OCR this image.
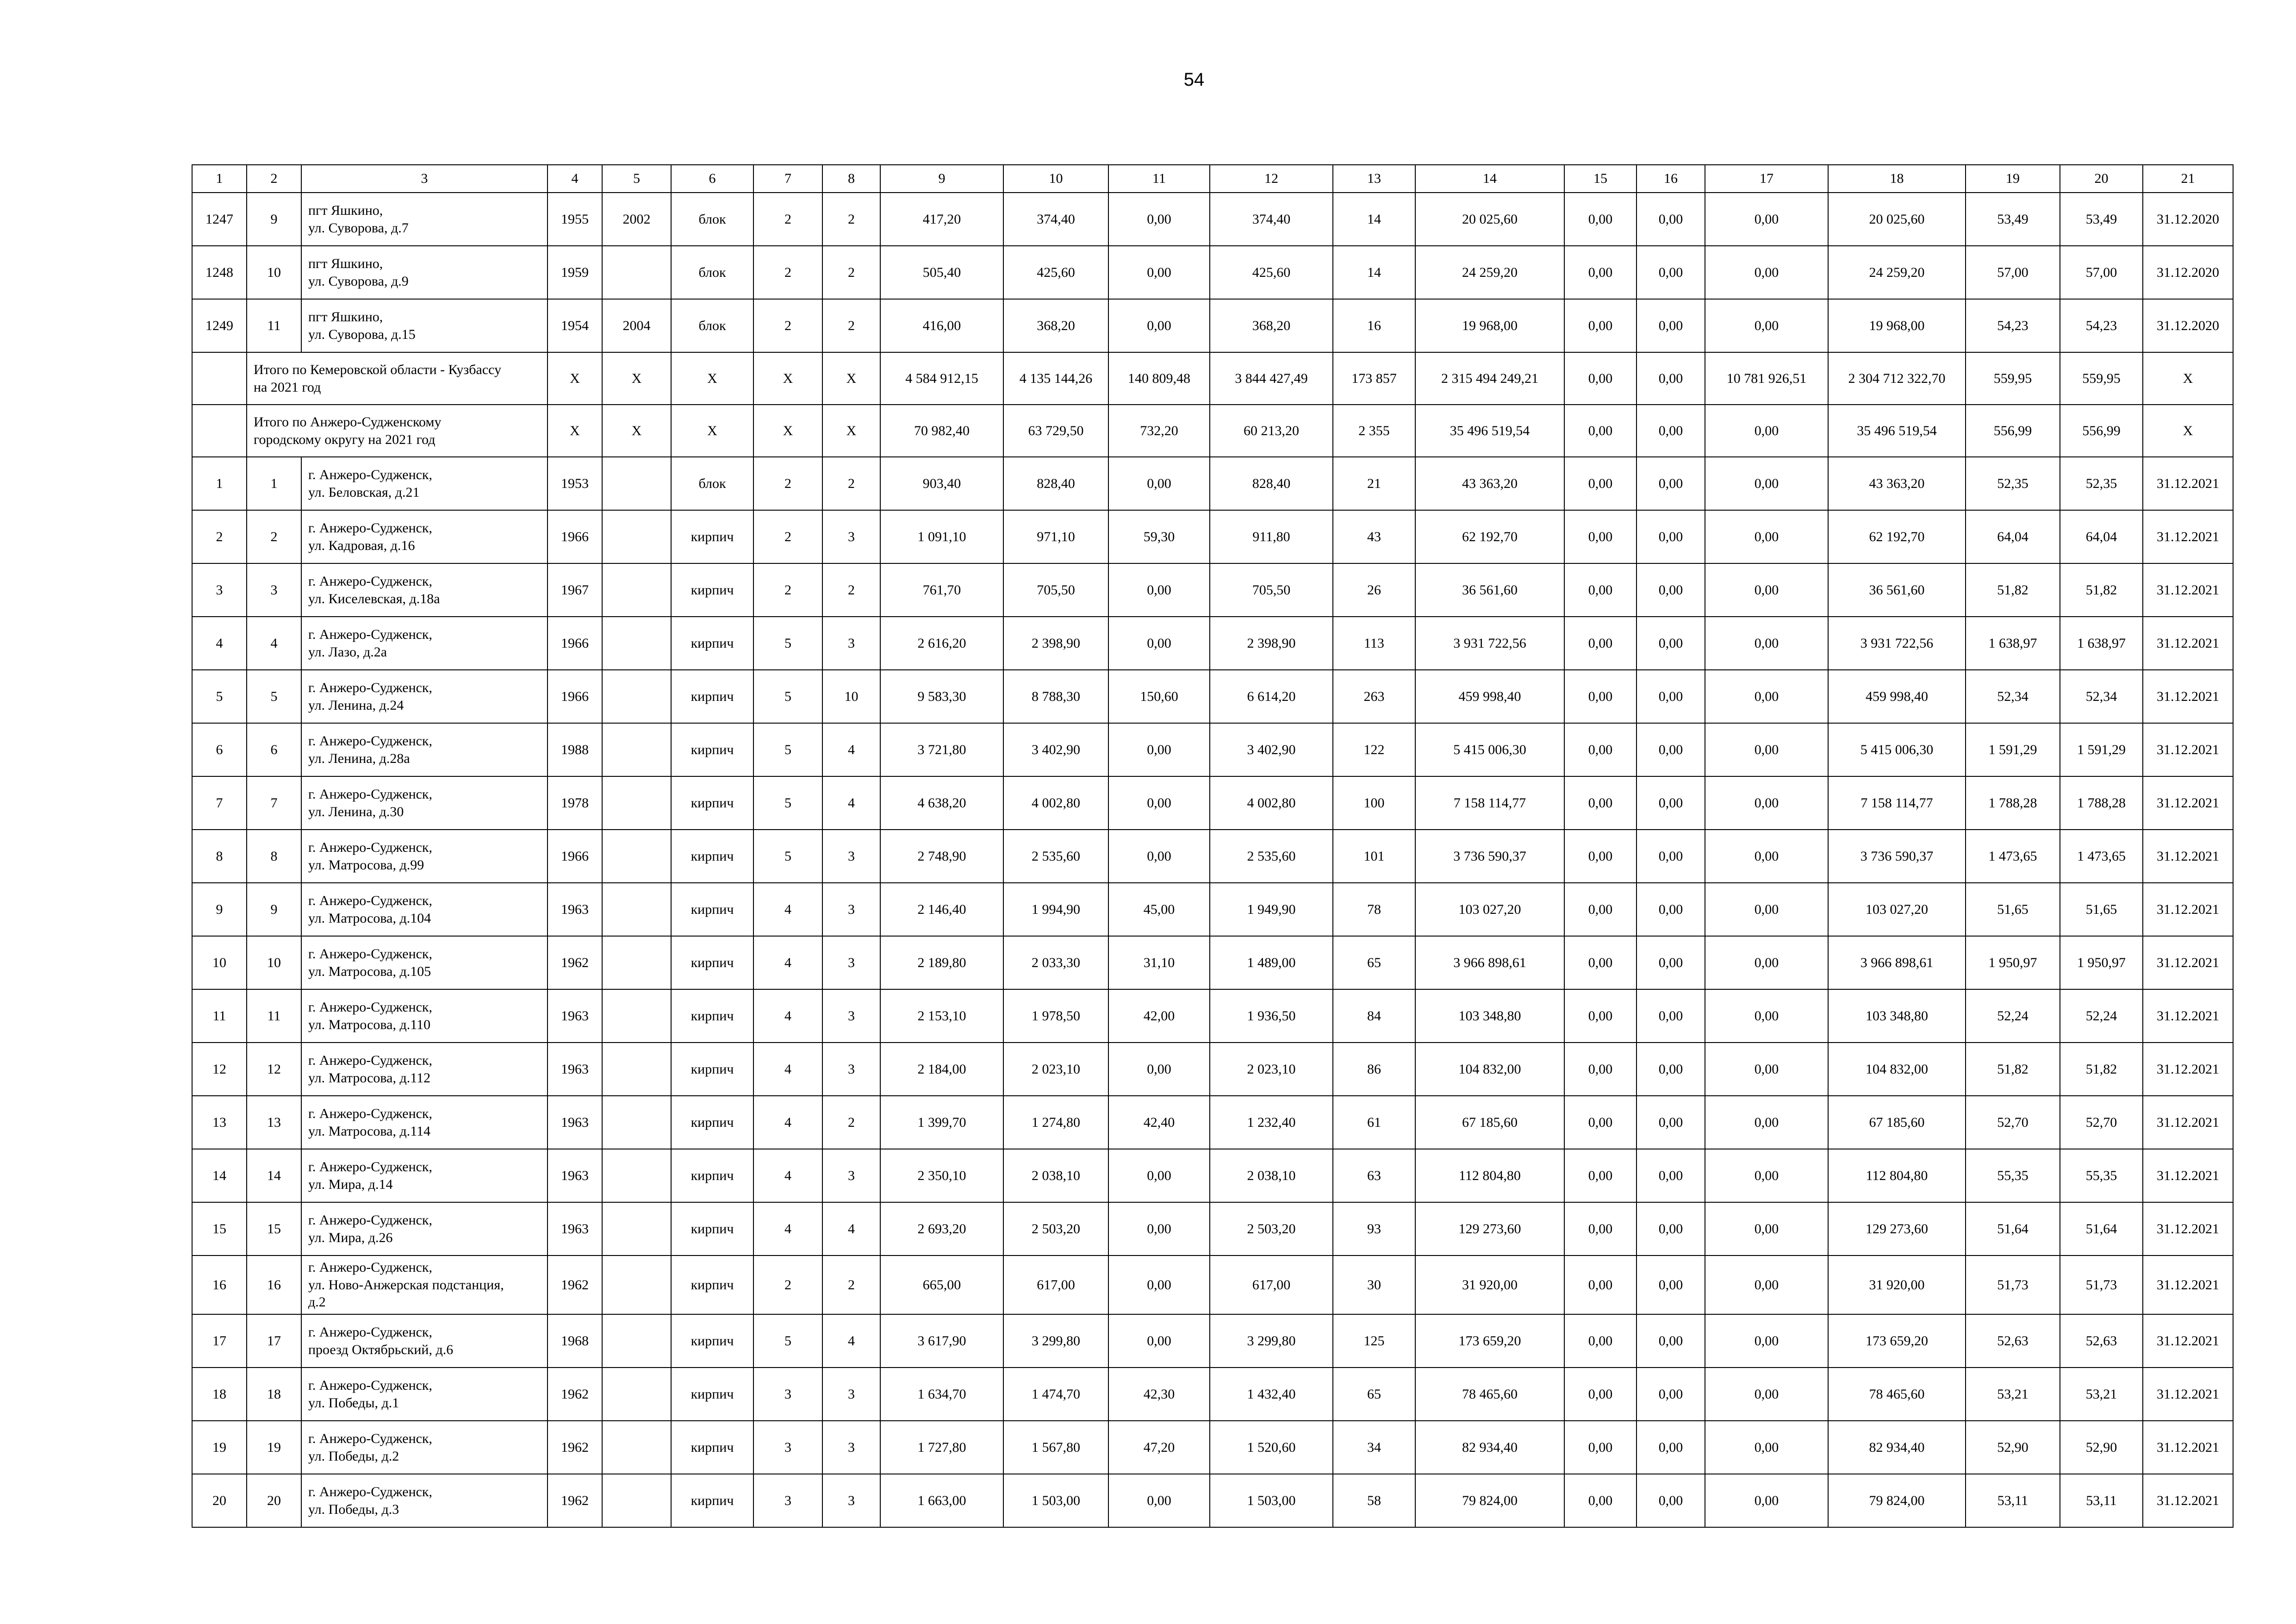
54
1	2	3	4	5	6	7	8	9	10	11	12	13	14	15	16	17	18	19	20	21
1247	9	пгт Яшкино,
ул. Суворова, д.7	1955	2002	блок	2	2	417,20	374,40	0,00	374,40	14	20 025,60	0,00	0,00	0,00	20 025,60	53,49	53,49	31.12.2020
1248	10	пгт Яшкино,
ул. Суворова, д.9	1959		блок	2	2	505,40	425,60	0,00	425,60	14	24 259,20	0,00	0,00	0,00	24 259,20	57,00	57,00	31.12.2020
1249	11	пгт Яшкино,
ул. Суворова, д.15	1954	2004	блок	2	2	416,00	368,20	0,00	368,20	16	19 968,00	0,00	0,00	0,00	19 968,00	54,23	54,23	31.12.2020
	Итого по Кемеровской области - Кузбассу
на 2021 год		X	X	X	X	X	4 584 912,15	4 135 144,26	140 809,48	3 844 427,49	173 857	2 315 494 249,21	0,00	0,00	10 781 926,51	2 304 712 322,70	559,95	559,95	X
	Итого по Анжеро-Судженскому
городскому округу на 2021 год		X	X	X	X	X	70 982,40	63 729,50	732,20	60 213,20	2 355	35 496 519,54	0,00	0,00	0,00	35 496 519,54	556,99	556,99	X
1	1	г. Анжеро-Судженск,
ул. Беловская, д.21	1953		блок	2	2	903,40	828,40	0,00	828,40	21	43 363,20	0,00	0,00	0,00	43 363,20	52,35	52,35	31.12.2021
2	2	г. Анжеро-Судженск,
ул. Кадровая, д.16	1966		кирпич	2	3	1 091,10	971,10	59,30	911,80	43	62 192,70	0,00	0,00	0,00	62 192,70	64,04	64,04	31.12.2021
3	3	г. Анжеро-Судженск,
ул. Киселевская, д.18а	1967		кирпич	2	2	761,70	705,50	0,00	705,50	26	36 561,60	0,00	0,00	0,00	36 561,60	51,82	51,82	31.12.2021
4	4	г. Анжеро-Судженск,
ул. Лазо, д.2а	1966		кирпич	5	3	2 616,20	2 398,90	0,00	2 398,90	113	3 931 722,56	0,00	0,00	0,00	3 931 722,56	1 638,97	1 638,97	31.12.2021
5	5	г. Анжеро-Судженск,
ул. Ленина, д.24	1966		кирпич	5	10	9 583,30	8 788,30	150,60	6 614,20	263	459 998,40	0,00	0,00	0,00	459 998,40	52,34	52,34	31.12.2021
6	6	г. Анжеро-Судженск,
ул. Ленина, д.28а	1988		кирпич	5	4	3 721,80	3 402,90	0,00	3 402,90	122	5 415 006,30	0,00	0,00	0,00	5 415 006,30	1 591,29	1 591,29	31.12.2021
7	7	г. Анжеро-Судженск,
ул. Ленина, д.30	1978		кирпич	5	4	4 638,20	4 002,80	0,00	4 002,80	100	7 158 114,77	0,00	0,00	0,00	7 158 114,77	1 788,28	1 788,28	31.12.2021
8	8	г. Анжеро-Судженск,
ул. Матросова, д.99	1966		кирпич	5	3	2 748,90	2 535,60	0,00	2 535,60	101	3 736 590,37	0,00	0,00	0,00	3 736 590,37	1 473,65	1 473,65	31.12.2021
9	9	г. Анжеро-Судженск,
ул. Матросова, д.104	1963		кирпич	4	3	2 146,40	1 994,90	45,00	1 949,90	78	103 027,20	0,00	0,00	0,00	103 027,20	51,65	51,65	31.12.2021
10	10	г. Анжеро-Судженск,
ул. Матросова, д.105	1962		кирпич	4	3	2 189,80	2 033,30	31,10	1 489,00	65	3 966 898,61	0,00	0,00	0,00	3 966 898,61	1 950,97	1 950,97	31.12.2021
11	11	г. Анжеро-Судженск,
ул. Матросова, д.110	1963		кирпич	4	3	2 153,10	1 978,50	42,00	1 936,50	84	103 348,80	0,00	0,00	0,00	103 348,80	52,24	52,24	31.12.2021
12	12	г. Анжеро-Судженск,
ул. Матросова, д.112	1963		кирпич	4	3	2 184,00	2 023,10	0,00	2 023,10	86	104 832,00	0,00	0,00	0,00	104 832,00	51,82	51,82	31.12.2021
13	13	г. Анжеро-Судженск,
ул. Матросова, д.114	1963		кирпич	4	2	1 399,70	1 274,80	42,40	1 232,40	61	67 185,60	0,00	0,00	0,00	67 185,60	52,70	52,70	31.12.2021
14	14	г. Анжеро-Судженск,
ул. Мира, д.14	1963		кирпич	4	3	2 350,10	2 038,10	0,00	2 038,10	63	112 804,80	0,00	0,00	0,00	112 804,80	55,35	55,35	31.12.2021
15	15	г. Анжеро-Судженск,
ул. Мира, д.26	1963		кирпич	4	4	2 693,20	2 503,20	0,00	2 503,20	93	129 273,60	0,00	0,00	0,00	129 273,60	51,64	51,64	31.12.2021
16	16	г. Анжеро-Судженск,
ул. Ново-Анжерская подстанция,
д.2	1962		кирпич	2	2	665,00	617,00	0,00	617,00	30	31 920,00	0,00	0,00	0,00	31 920,00	51,73	51,73	31.12.2021
17	17	г. Анжеро-Судженск,
проезд Октябрьский, д.6	1968		кирпич	5	4	3 617,90	3 299,80	0,00	3 299,80	125	173 659,20	0,00	0,00	0,00	173 659,20	52,63	52,63	31.12.2021
18	18	г. Анжеро-Судженск,
ул. Победы, д.1	1962		кирпич	3	3	1 634,70	1 474,70	42,30	1 432,40	65	78 465,60	0,00	0,00	0,00	78 465,60	53,21	53,21	31.12.2021
19	19	г. Анжеро-Судженск,
ул. Победы, д.2	1962		кирпич	3	3	1 727,80	1 567,80	47,20	1 520,60	34	82 934,40	0,00	0,00	0,00	82 934,40	52,90	52,90	31.12.2021
20	20	г. Анжеро-Судженск,
ул. Победы, д.3	1962		кирпич	3	3	1 663,00	1 503,00	0,00	1 503,00	58	79 824,00	0,00	0,00	0,00	79 824,00	53,11	53,11	31.12.2021
